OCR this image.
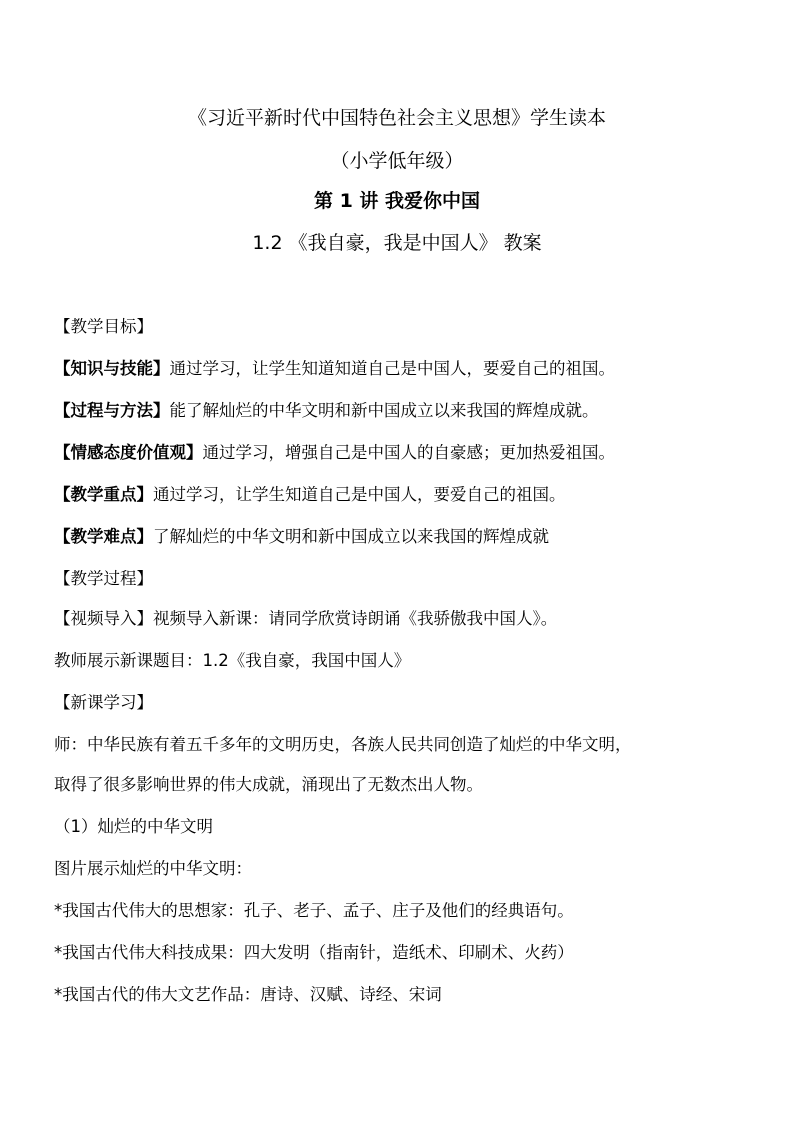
《习近平新时代中国特色社会主义思想》学生读本
（小学低年级）
第 1 讲 我爱你中国
1.2 《我自豪，我是中国人》 教案
【教学目标】
【知识与技能】通过学习，让学生知道知道自己是中国人，要爱自己的祖国。
【过程与方法】能了解灿烂的中华文明和新中国成立以来我国的辉煌成就。
【情感态度价值观】通过学习，增强自己是中国人的自豪感；更加热爱祖国。
【教学重点】通过学习，让学生知道自己是中国人，要爱自己的祖国。
【教学难点】了解灿烂的中华文明和新中国成立以来我国的辉煌成就
【教学过程】
【视频导入】视频导入新课：请同学欣赏诗朗诵《我骄傲我中国人》。
教师展示新课题目：1.2《我自豪，我国中国人》
【新课学习】
师：中华民族有着五千多年的文明历史，各族人民共同创造了灿烂的中华文明，
取得了很多影响世界的伟大成就，涌现出了无数杰出人物。
（1）灿烂的中华文明
图片展示灿烂的中华文明：
*我国古代伟大的思想家：孔子、老子、孟子、庄子及他们的经典语句。
*我国古代伟大科技成果：四大发明（指南针，造纸术、印刷术、火药）
*我国古代的伟大文艺作品：唐诗、汉赋、诗经、宋词
